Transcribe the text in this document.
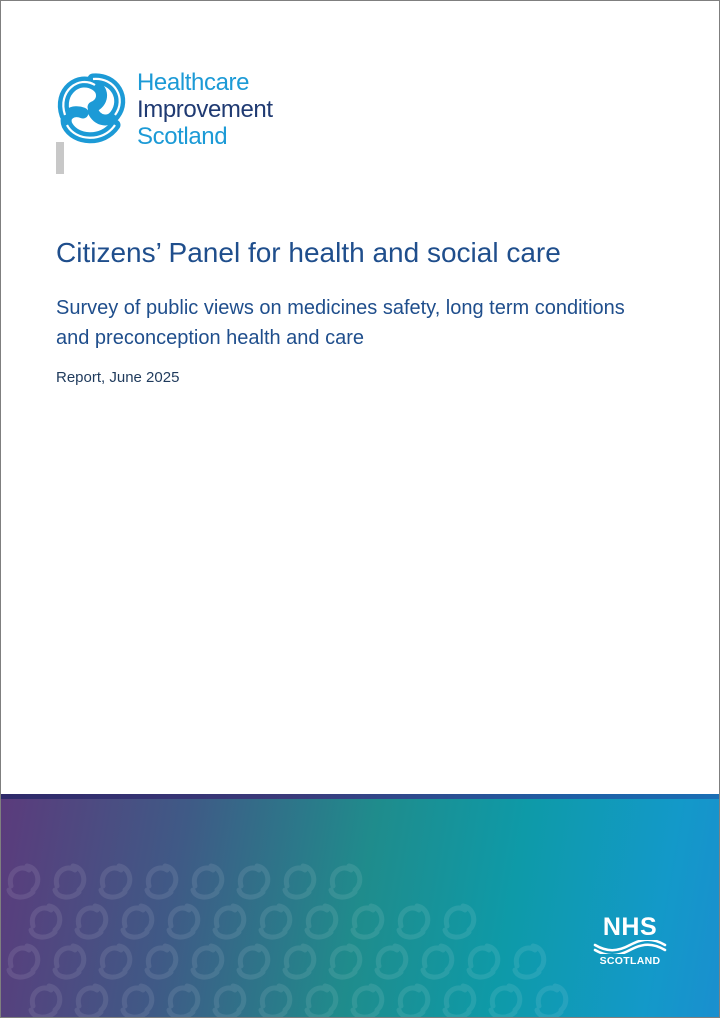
Healthcare
Improvement
Scotland
Citizens’ Panel for health and social care
Survey of public views on medicines safety, long term conditions and preconception health and care

Report, June 2025

NHS
SCOTLAND
